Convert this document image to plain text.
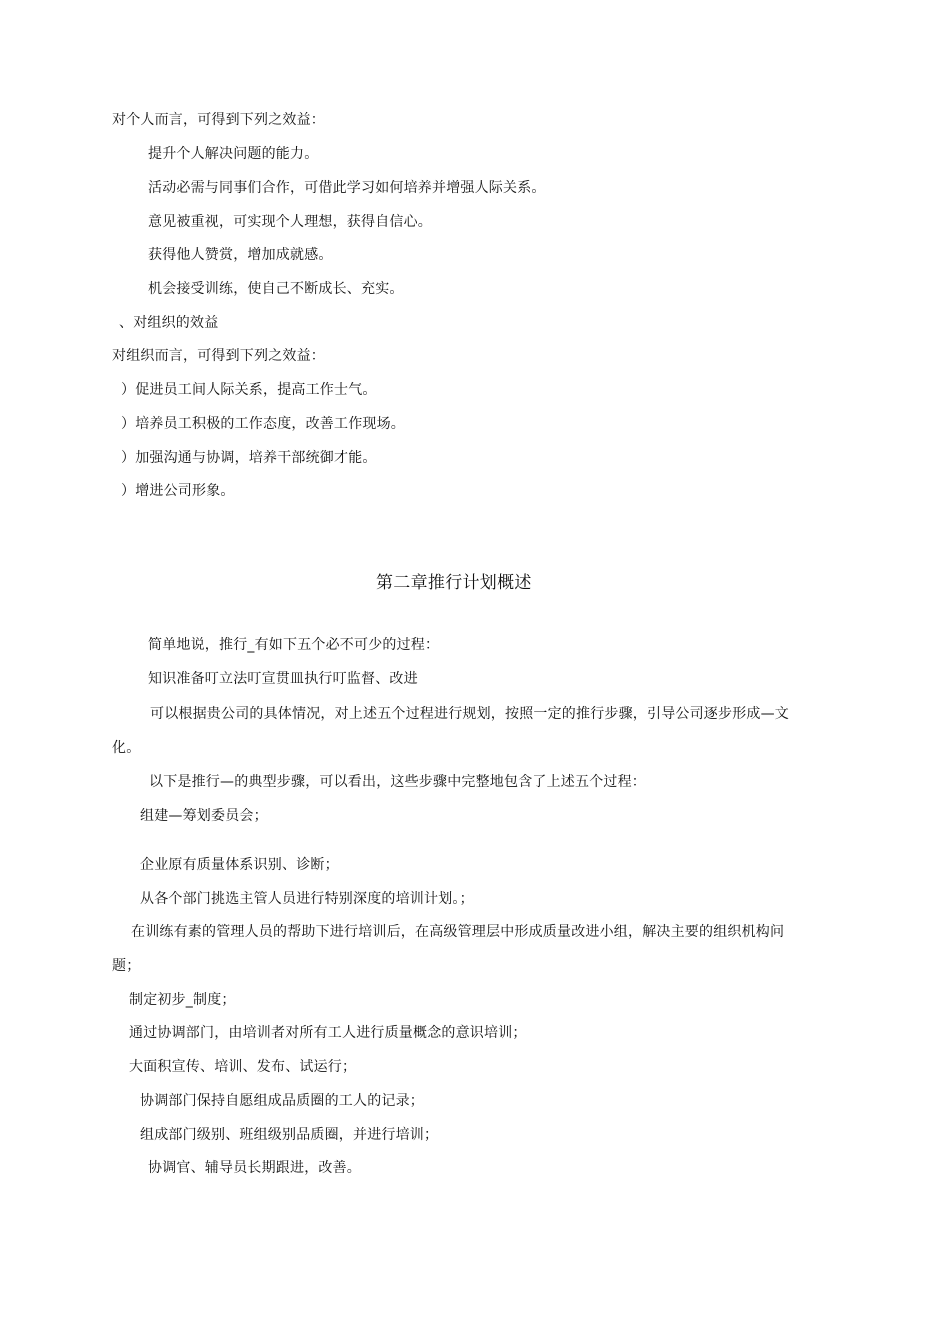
对个人而言，可得到下列之效益：
提升个人解决问题的能力。
活动必需与同事们合作，可借此学习如何培养并增强人际关系。
意见被重视，可实现个人理想，获得自信心。
获得他人赞赏，增加成就感。
机会接受训练，使自己不断成长、充实。
、对组织的效益
对组织而言，可得到下列之效益：
）促进员工间人际关系，提高工作士气。
）培养员工积极的工作态度，改善工作现场。
）加强沟通与协调，培养干部统御才能。
）增进公司形象。
第二章推行计划概述
简单地说，推行_有如下五个必不可少的过程：
知识准备叮立法叮宣贯皿执行叮监督、改进
可以根据贵公司的具体情况，对上述五个过程进行规划，按照一定的推行步骤，引导公司逐步形成—文
化。
以下是推行—的典型步骤，可以看出，这些步骤中完整地包含了上述五个过程：
组建—筹划委员会；
企业原有质量体系识别、诊断；
从各个部门挑选主管人员进行特别深度的培训计划。；
在训练有素的管理人员的帮助下进行培训后，在高级管理层中形成质量改进小组，解决主要的组织机构问
题；
制定初步_制度；
通过协调部门，由培训者对所有工人进行质量概念的意识培训；
大面积宣传、培训、发布、试运行；
协调部门保持自愿组成品质圈的工人的记录；
组成部门级别、班组级别品质圈，并进行培训；
协调官、辅导员长期跟进，改善。
